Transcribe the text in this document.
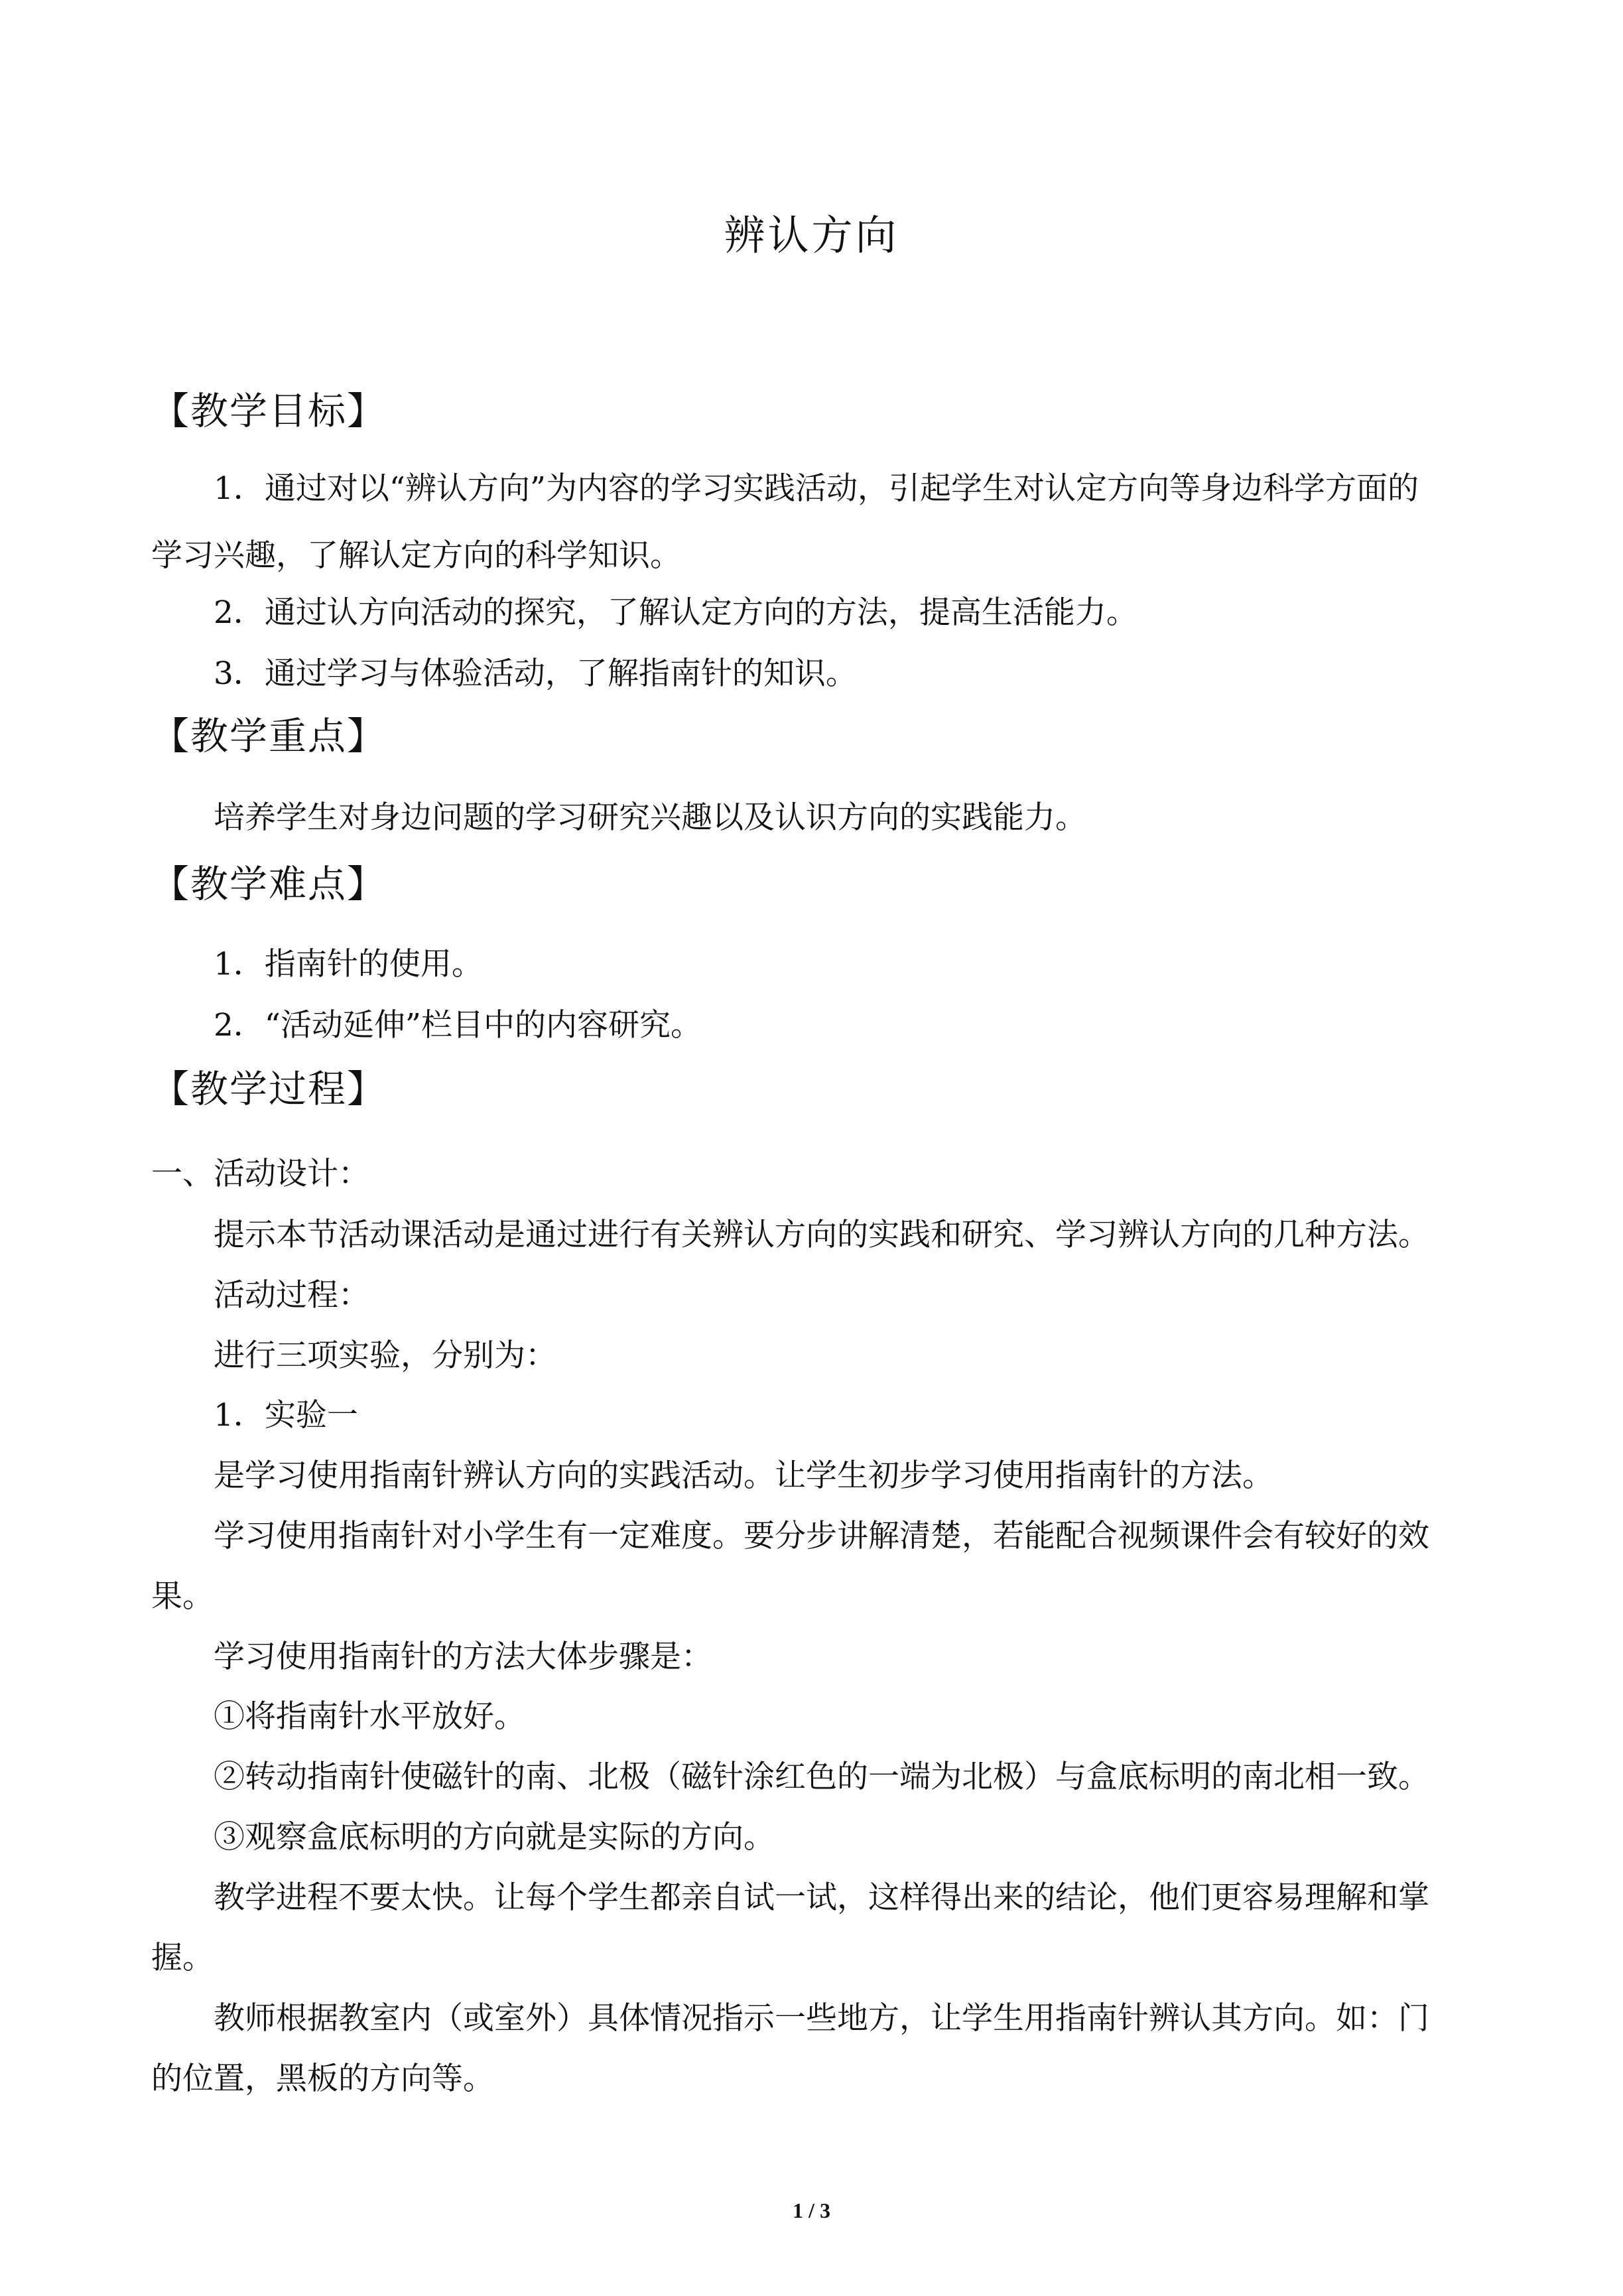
辨认方向
【教学目标】
1．通过对以“辨认方向”为内容的学习实践活动，引起学生对认定方向等身边科学方面的
学习兴趣，了解认定方向的科学知识。
2．通过认方向活动的探究，了解认定方向的方法，提高生活能力。
3．通过学习与体验活动，了解指南针的知识。
【教学重点】
培养学生对身边问题的学习研究兴趣以及认识方向的实践能力。
【教学难点】
1．指南针的使用。
2．“活动延伸”栏目中的内容研究。
【教学过程】
一、活动设计：
提示本节活动课活动是通过进行有关辨认方向的实践和研究、学习辨认方向的几种方法。
活动过程：
进行三项实验，分别为：
1．实验一
是学习使用指南针辨认方向的实践活动。让学生初步学习使用指南针的方法。
学习使用指南针对小学生有一定难度。要分步讲解清楚，若能配合视频课件会有较好的效
果。
学习使用指南针的方法大体步骤是：
①将指南针水平放好。
②转动指南针使磁针的南、北极（磁针涂红色的一端为北极）与盒底标明的南北相一致。
③观察盒底标明的方向就是实际的方向。
教学进程不要太快。让每个学生都亲自试一试，这样得出来的结论，他们更容易理解和掌
握。
教师根据教室内（或室外）具体情况指示一些地方，让学生用指南针辨认其方向。如：门
的位置，黑板的方向等。
1 / 3
